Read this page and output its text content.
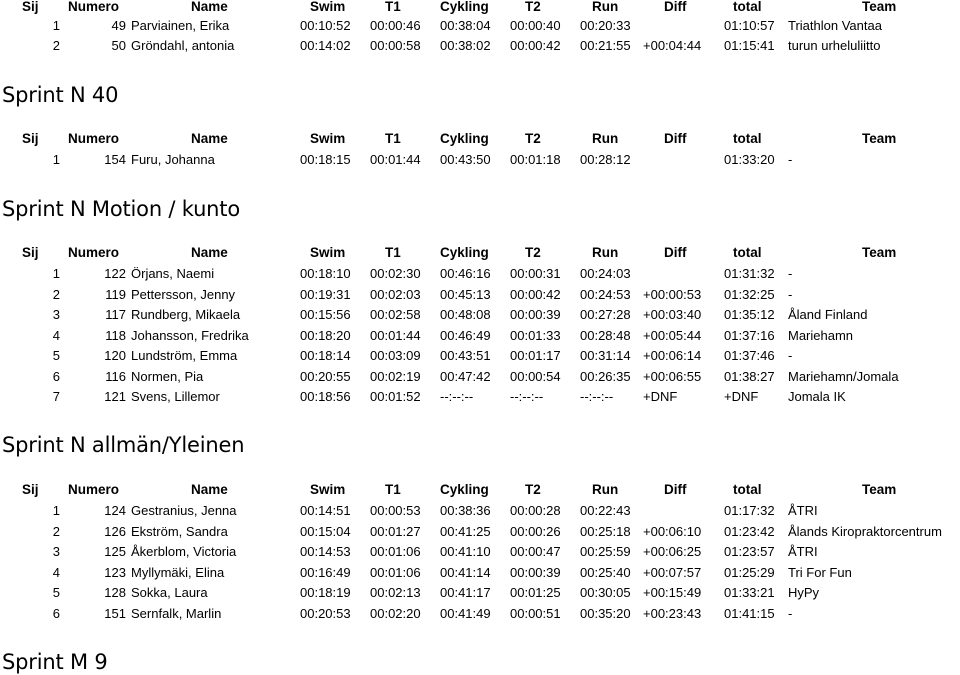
Sij	Numero	Name	Swim	T1	Cykling	T2	Run	Diff	total	Team
1	49 Parviainen, Erika	00:10:52	00:00:46	00:38:04	00:00:40	00:20:33	01:10:57	Triathlon Vantaa
2	50 Gröndahl, antonia	00:14:02	00:00:58	00:38:02	00:00:42	00:21:55 +00:04:44	01:15:41	turun urheluliitto
Sprint N 40
Sij	Numero	Name	Swim	T1	Cykling	T2	Run	Diff	total	Team
1	154 Furu, Johanna	00:18:15	00:01:44	00:43:50	00:01:18	00:28:12	01:33:20	-
Sprint N Motion / kunto
Sij	Numero	Name	Swim	T1	Cykling	T2	Run	Diff	total	Team
1	122 Örjans, Naemi	00:18:10	00:02:30	00:46:16	00:00:31	00:24:03	01:31:32	-
2	119 Pettersson, Jenny	00:19:31	00:02:03	00:45:13	00:00:42	00:24:53 +00:00:53	01:32:25	-
3	117 Rundberg, Mikaela	00:15:56	00:02:58	00:48:08	00:00:39	00:27:28 +00:03:40	01:35:12	Åland Finland
4	118 Johansson, Fredrika	00:18:20	00:01:44	00:46:49	00:01:33	00:28:48 +00:05:44	01:37:16	Mariehamn
5	120 Lundström, Emma	00:18:14	00:03:09	00:43:51	00:01:17	00:31:14 +00:06:14	01:37:46	-
6	116 Normen, Pia	00:20:55	00:02:19	00:47:42	00:00:54	00:26:35 +00:06:55	01:38:27	Mariehamn/Jomala
7	121 Svens, Lillemor	00:18:56	00:01:52	--:--:--	--:--:--	--:--:--	+DNF	+DNF	Jomala IK
Sprint N allmän/Yleinen
Sij	Numero	Name	Swim	T1	Cykling	T2	Run	Diff	total	Team
1	124 Gestranius, Jenna	00:14:51	00:00:53	00:38:36	00:00:28	00:22:43	01:17:32	ÅTRI
2	126 Ekström, Sandra	00:15:04	00:01:27	00:41:25	00:00:26	00:25:18 +00:06:10	01:23:42	Ålands Kiropraktorcentrum
3	125 Åkerblom, Victoria	00:14:53	00:01:06	00:41:10	00:00:47	00:25:59 +00:06:25	01:23:57	ÅTRI
4	123 Myllymäki, Elina	00:16:49	00:01:06	00:41:14	00:00:39	00:25:40 +00:07:57	01:25:29	Tri For Fun
5	128 Sokka, Laura	00:18:19	00:02:13	00:41:17	00:01:25	00:30:05 +00:15:49	01:33:21	HyPy
6	151 Sernfalk, Marlin	00:20:53	00:02:20	00:41:49	00:00:51	00:35:20 +00:23:43	01:41:15	-
Sprint M 9
